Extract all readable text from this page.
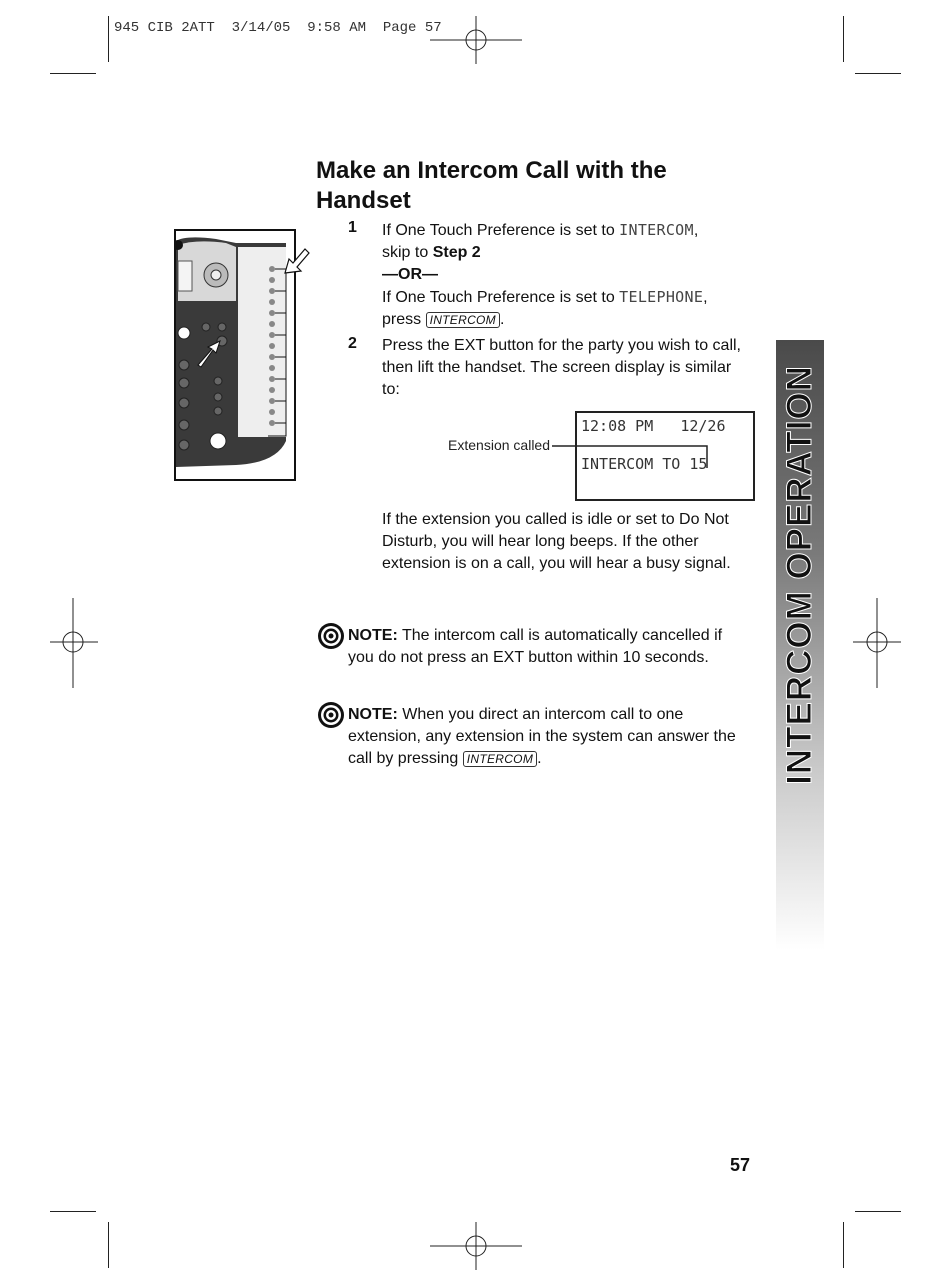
945 CIB 2ATT  3/14/05  9:58 AM  Page 57
Make an Intercom Call with the Handset
1 If One Touch Preference is set to INTERCOM,
skip to Step 2
—OR—
If One Touch Preference is set to TELEPHONE,
press INTERCOM .
2 Press the EXT button for the party you wish to call, then lift the handset. The screen display is similar to:
12:08 PM   12/26
INTERCOM TO 15
Extension called
If the extension you called is idle or set to Do Not Disturb, you will hear long beeps. If the other extension is on a call, you will hear a busy signal.
NOTE: The intercom call is automatically cancelled if you do not press an EXT button within 10 seconds.
NOTE: When you direct an intercom call to one extension, any extension in the system can answer the call by pressing INTERCOM .	INTERCOM OPERATION
57
